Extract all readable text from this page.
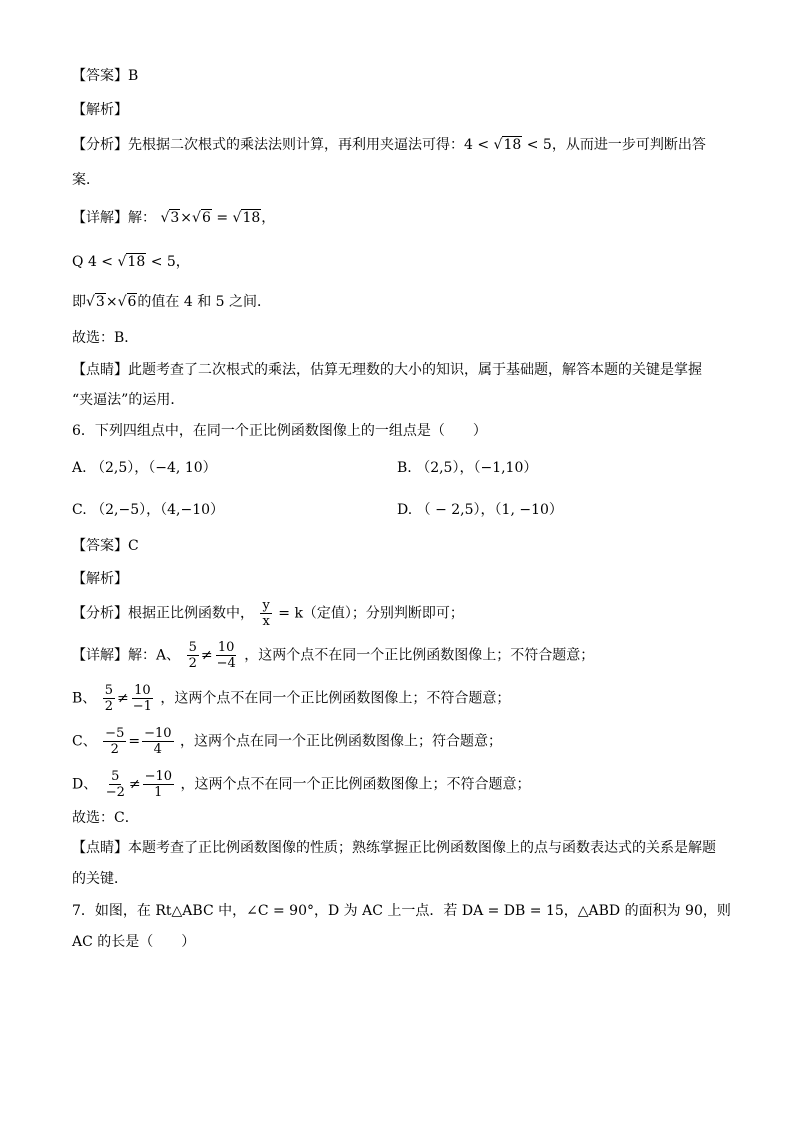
【答案】B
【解析】
【分析】先根据二次根式的乘法法则计算，再利用夹逼法可得：4 < √18 < 5，从而进一步可判断出答
案．
【详解】解： √3×√6 = √18，
Q 4 < √18 < 5，
即√3×√6的值在 4 和 5 之间．
故选：B．
【点睛】此题考查了二次根式的乘法，估算无理数的大小的知识，属于基础题，解答本题的关键是掌握
“夹逼法”的运用．
6．下列四组点中，在同一个正比例函数图像上的一组点是（　　）
A. （2,5），（−4, 10）	B. （2,5），（−1,10）
C. （2,−5），（4,−10）	D. （ − 2,5），（1, −10）
【答案】C
【解析】
【分析】根据正比例函数中， $\frac{y}{x} = k$（定值）；分别判断即可；
【详解】解：A、 $\frac{5}{2} \ne \frac{10}{-4}$ ，这两个点不在同一个正比例函数图像上；不符合题意；
B、 $\frac{5}{2} \ne \frac{10}{-1}$ ，这两个点不在同一个正比例函数图像上；不符合题意；
C、 $\frac{-5}{2} = \frac{-10}{4}$ ，这两个点在同一个正比例函数图像上；符合题意；
D、 $\frac{5}{-2} \ne \frac{-10}{1}$ ，这两个点不在同一个正比例函数图像上；不符合题意；
故选：C．
【点睛】本题考查了正比例函数图像的性质；熟练掌握正比例函数图像上的点与函数表达式的关系是解题
的关键．
7．如图，在 Rt△ABC 中，∠C = 90°，D 为 AC 上一点．若 DA = DB = 15，△ABD 的面积为 90，则
AC 的长是（　　）
